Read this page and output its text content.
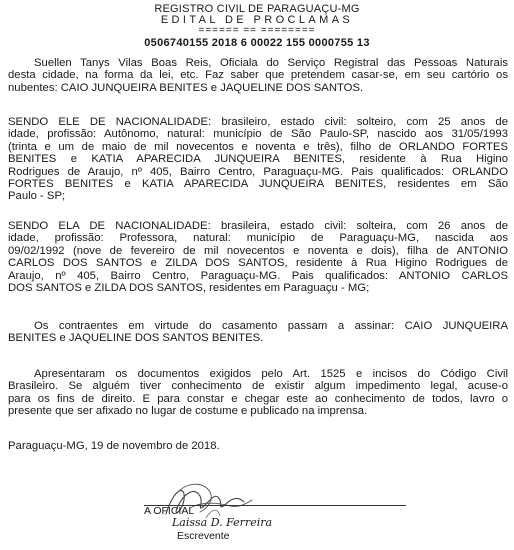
REGISTRO CIVIL DE PARAGUAÇU-MG
EDITAL DE PROCLAMAS
====== == ========
0506740155 2018 6 00022 155 0000755 13
Suellen Tanys Vilas Boas Reis, Oficiala do Serviço Registral das Pessoas Naturais
desta cidade, na forma da lei, etc. Faz saber que pretendem casar-se, em seu cartório os
nubentes: CAIO JUNQUEIRA BENITES e JAQUELINE DOS SANTOS.
SENDO ELE DE NACIONALIDADE: brasileiro, estado civil: solteiro, com 25 anos de
idade, profissão: Autônomo, natural: município de São Paulo-SP, nascido aos 31/05/1993
(trinta e um de maio de mil novecentos e noventa e três), filho de ORLANDO FORTES
BENITES e KATIA APARECIDA JUNQUEIRA BENITES, residente à Rua Higino
Rodrigues de Araujo, nº 405, Bairro Centro, Paraguaçu-MG. Pais qualificados: ORLANDO
FORTES BENITES e KATIA APARECIDA JUNQUEIRA BENITES, residentes em São
Paulo - SP;
SENDO ELA DE NACIONALIDADE: brasileira, estado civil: solteira, com 26 anos de
idade, profissão: Professora, natural: município de Paraguaçu-MG, nascida aos
09/02/1992 (nove de fevereiro de mil novecentos e noventa e dois), filha de ANTONIO
CARLOS DOS SANTOS e ZILDA DOS SANTOS, residente à Rua Higino Rodrigues de
Araujo, nº 405, Bairro Centro, Paraguaçu-MG. Pais qualificados: ANTONIO CARLOS
DOS SANTOS e ZILDA DOS SANTOS, residentes em Paraguaçu - MG;
Os contraentes em virtude do casamento passam a assinar: CAIO JUNQUEIRA
BENITES e JAQUELINE DOS SANTOS BENITES.
Apresentaram os documentos exigidos pelo Art. 1525 e incisos do Código Civil
Brasileiro. Se alguém tiver conhecimento de existir algum impedimento legal, acuse-o
para os fins de direito. E para constar e chegar este ao conhecimento de todos, lavro o
presente que ser afixado no lugar de costume e publicado na imprensa.
Paraguaçu-MG, 19 de novembro de 2018.
A OFICIAL
Laissa D. Ferreira
Escrevente
